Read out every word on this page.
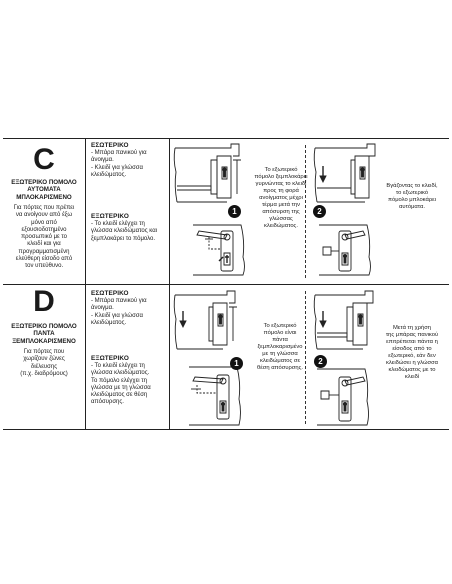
C
ΕΞΩΤΕΡΙΚΟ ΠΟΜΟΛΟ
ΑΥΤΟΜΑΤΑ
ΜΠΛΟΚΑΡΙΣΜΕΝΟ
Για πόρτες που πρέπει
να ανοίγουν από έξω
μόνο από
εξουσιοδοτημένο
προσωπικό με το
κλειδί και για
προγραμματισμένη
ελεύθερη είσοδο από
τον υπεύθυνο.
ΕΣΩΤΕΡΙΚΟ
- Μπάρα πανικού για
άνοιγμα.
- Κλειδί για γλώσσα
κλειδώματος.
ΕΞΩΤΕΡΙΚΟ
- Το κλειδί ελέγχει τη
γλώσσα κλειδώματος και
ξεμπλοκάρει το πόμολο.
1
Το εξωτερικό
πόμολο ξεμπλοκάρει
γυρνώντας το κλειδί
προς τη φορά
ανοίγματος μέχρι
τέρμα μετά την
απόσυρση της
γλώσσας
κλειδώματος.
2
Βγάζοντας το κλειδί,
το εξωτερικό
πόμολο μπλοκάρει
αυτόματα.
D
ΕΞΩΤΕΡΙΚΟ ΠΟΜΟΛΟ
ΠΑΝΤΑ
ΞΕΜΠΛΟΚΑΡΙΣΜΕΝΟ
Για πόρτες που
χωρίζουν ζώνες
διέλευσης
(π.χ. διαδρόμους)
ΕΣΩΤΕΡΙΚΟ
- Μπάρα πανικού για
άνοιγμα.
- Κλειδί για γλώσσα
κλειδώματος.
ΕΞΩΤΕΡΙΚΟ
- Το κλειδί ελέγχει τη
γλώσσα κλειδώματος.
Το πόμολο ελέγχει τη
γλώσσα με τη γλώσσα
κλειδώματος σε θέση
απόσυρσης.
1
Το εξωτερικό
πόμολο είναι
πάντα
ξεμπλοκαρισμένο
με τη γλώσσα
κλειδώματος σε
θέση απόσυρσης.
2
Μετά τη χρήση
της μπάρας πανικού
επιτρέπεται πάντα η
είσοδος από το
εξωτερικό, εάν δεν
κλειδώσει η γλώσσα
κλειδώματος με το
κλειδί
